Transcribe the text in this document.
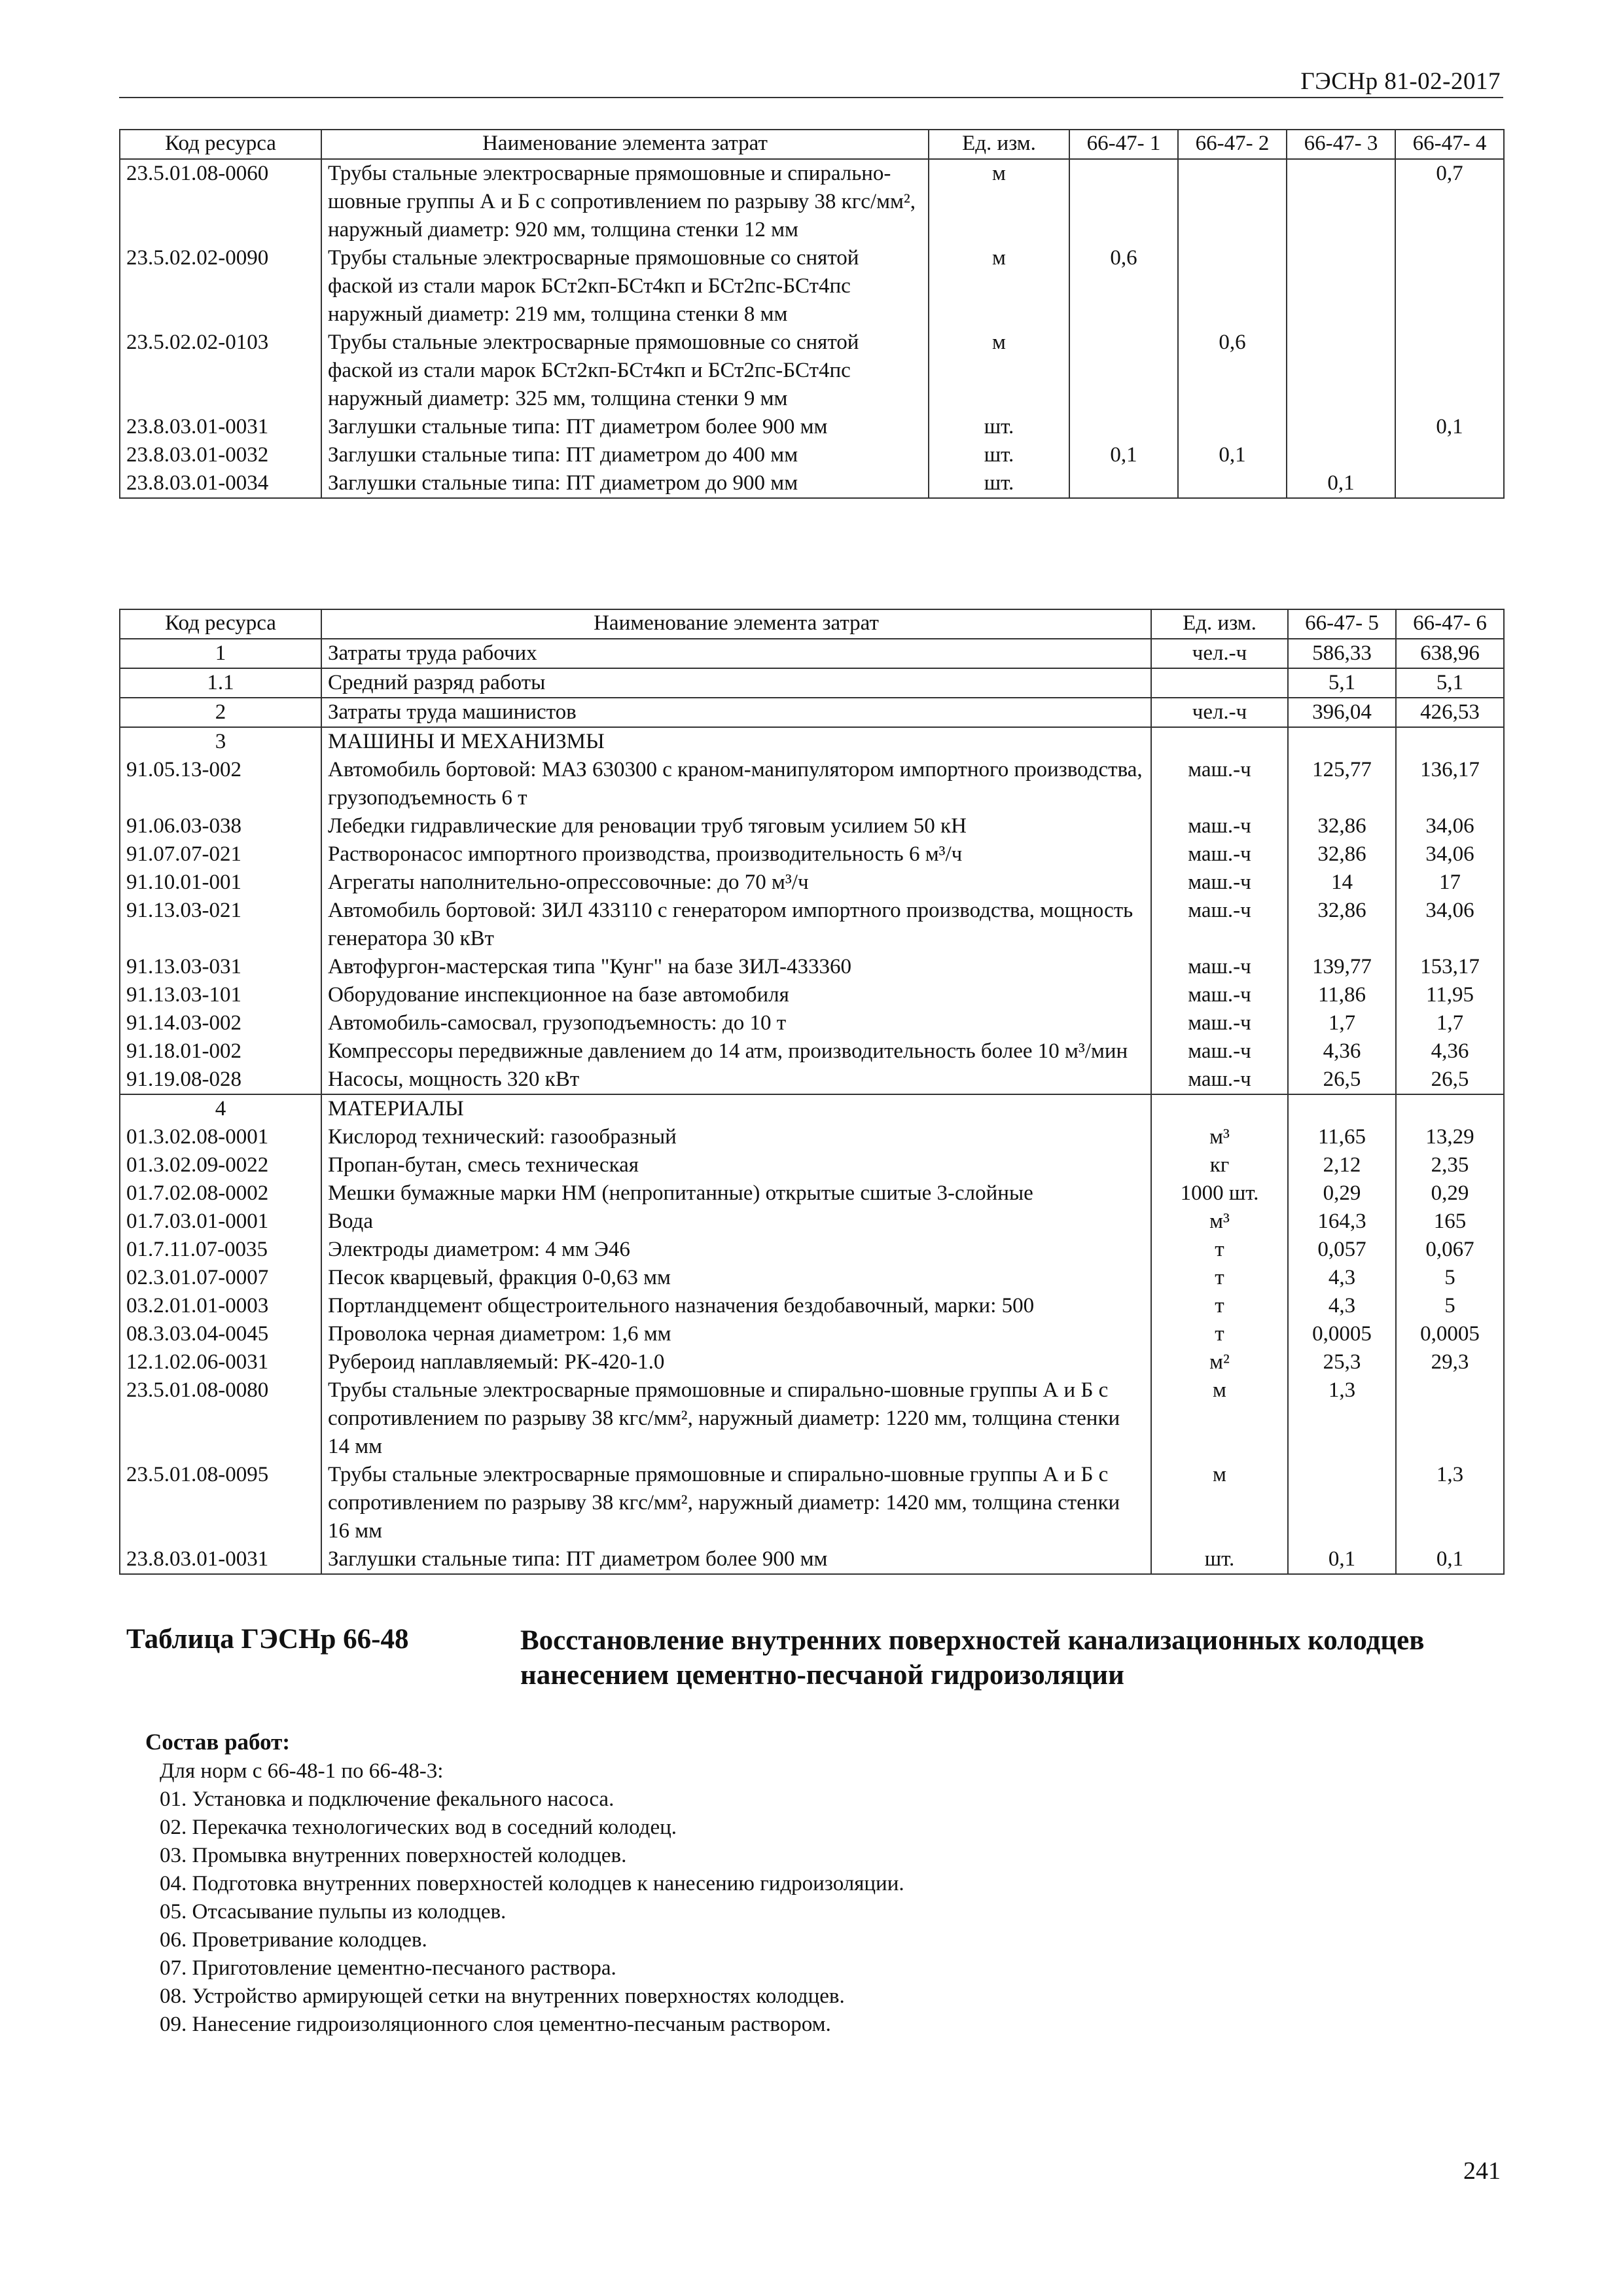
ГЭСНр 81-02-2017
Код ресурса	Наименование элемента затрат	Ед. изм.	66-47- 1	66-47- 2	66-47- 3	66-47- 4
23.5.01.08-0060	Трубы стальные электросварные прямошовные и спирально-шовные группы А и Б с сопротивлением по разрыву 38 кгс/мм², наружный диаметр: 920 мм, толщина стенки 12 мм	м				0,7
23.5.02.02-0090	Трубы стальные электросварные прямошовные со снятой фаской из стали марок БСт2кп-БСт4кп и БСт2пс-БСт4пс наружный диаметр: 219 мм, толщина стенки 8 мм	м	0,6			
23.5.02.02-0103	Трубы стальные электросварные прямошовные со снятой фаской из стали марок БСт2кп-БСт4кп и БСт2пс-БСт4пс наружный диаметр: 325 мм, толщина стенки 9 мм	м		0,6		
23.8.03.01-0031	Заглушки стальные типа: ПТ диаметром более 900 мм	шт.				0,1
23.8.03.01-0032	Заглушки стальные типа: ПТ диаметром до 400 мм	шт.	0,1	0,1		
23.8.03.01-0034	Заглушки стальные типа: ПТ диаметром до 900 мм	шт.			0,1	
Код ресурса	Наименование элемента затрат	Ед. изм.	66-47- 5	66-47- 6
1	Затраты труда рабочих	чел.-ч	586,33	638,96
1.1	Средний разряд работы		5,1	5,1
2	Затраты труда машинистов	чел.-ч	396,04	426,53
3	МАШИНЫ И МЕХАНИЗМЫ			
91.05.13-002	Автомобиль бортовой: МАЗ 630300 с краном-манипулятором импортного производства, грузоподъемность 6 т	маш.-ч	125,77	136,17
91.06.03-038	Лебедки гидравлические для реновации труб тяговым усилием 50 кН	маш.-ч	32,86	34,06
91.07.07-021	Растворонасос импортного производства, производительность 6 м³/ч	маш.-ч	32,86	34,06
91.10.01-001	Агрегаты наполнительно-опрессовочные: до 70 м³/ч	маш.-ч	14	17
91.13.03-021	Автомобиль бортовой: ЗИЛ 433110 с генератором импортного производства, мощность генератора 30 кВт	маш.-ч	32,86	34,06
91.13.03-031	Автофургон-мастерская типа "Кунг" на базе ЗИЛ-433360	маш.-ч	139,77	153,17
91.13.03-101	Оборудование инспекционное на базе автомобиля	маш.-ч	11,86	11,95
91.14.03-002	Автомобиль-самосвал, грузоподъемность: до 10 т	маш.-ч	1,7	1,7
91.18.01-002	Компрессоры передвижные давлением до 14 атм, производительность более 10 м³/мин	маш.-ч	4,36	4,36
91.19.08-028	Насосы, мощность 320 кВт	маш.-ч	26,5	26,5
4	МАТЕРИАЛЫ			
01.3.02.08-0001	Кислород технический: газообразный	м³	11,65	13,29
01.3.02.09-0022	Пропан-бутан, смесь техническая	кг	2,12	2,35
01.7.02.08-0002	Мешки бумажные марки НМ (непропитанные) открытые сшитые 3-слойные	1000 шт.	0,29	0,29
01.7.03.01-0001	Вода	м³	164,3	165
01.7.11.07-0035	Электроды диаметром: 4 мм Э46	т	0,057	0,067
02.3.01.07-0007	Песок кварцевый, фракция 0-0,63 мм	т	4,3	5
03.2.01.01-0003	Портландцемент общестроительного назначения бездобавочный, марки: 500	т	4,3	5
08.3.03.04-0045	Проволока черная диаметром: 1,6 мм	т	0,0005	0,0005
12.1.02.06-0031	Рубероид наплавляемый: РК-420-1.0	м²	25,3	29,3
23.5.01.08-0080	Трубы стальные электросварные прямошовные и спирально-шовные группы А и Б с сопротивлением по разрыву 38 кгс/мм², наружный диаметр: 1220 мм, толщина стенки 14 мм	м	1,3	
23.5.01.08-0095	Трубы стальные электросварные прямошовные и спирально-шовные группы А и Б с сопротивлением по разрыву 38 кгс/мм², наружный диаметр: 1420 мм, толщина стенки 16 мм	м		1,3
23.8.03.01-0031	Заглушки стальные типа: ПТ диаметром более 900 мм	шт.	0,1	0,1
Таблица ГЭСНр 66-48	Восстановление внутренних поверхностей канализационных колодцев нанесением цементно-песчаной гидроизоляции
Состав работ:
Для норм с 66-48-1 по 66-48-3:
01. Установка и подключение фекального насоса.
02. Перекачка технологических вод в соседний колодец.
03. Промывка внутренних поверхностей колодцев.
04. Подготовка внутренних поверхностей колодцев к нанесению гидроизоляции.
05. Отсасывание пульпы из колодцев.
06. Проветривание колодцев.
07. Приготовление цементно-песчаного раствора.
08. Устройство армирующей сетки на внутренних поверхностях колодцев.
09. Нанесение гидроизоляционного слоя цементно-песчаным раствором.
241
